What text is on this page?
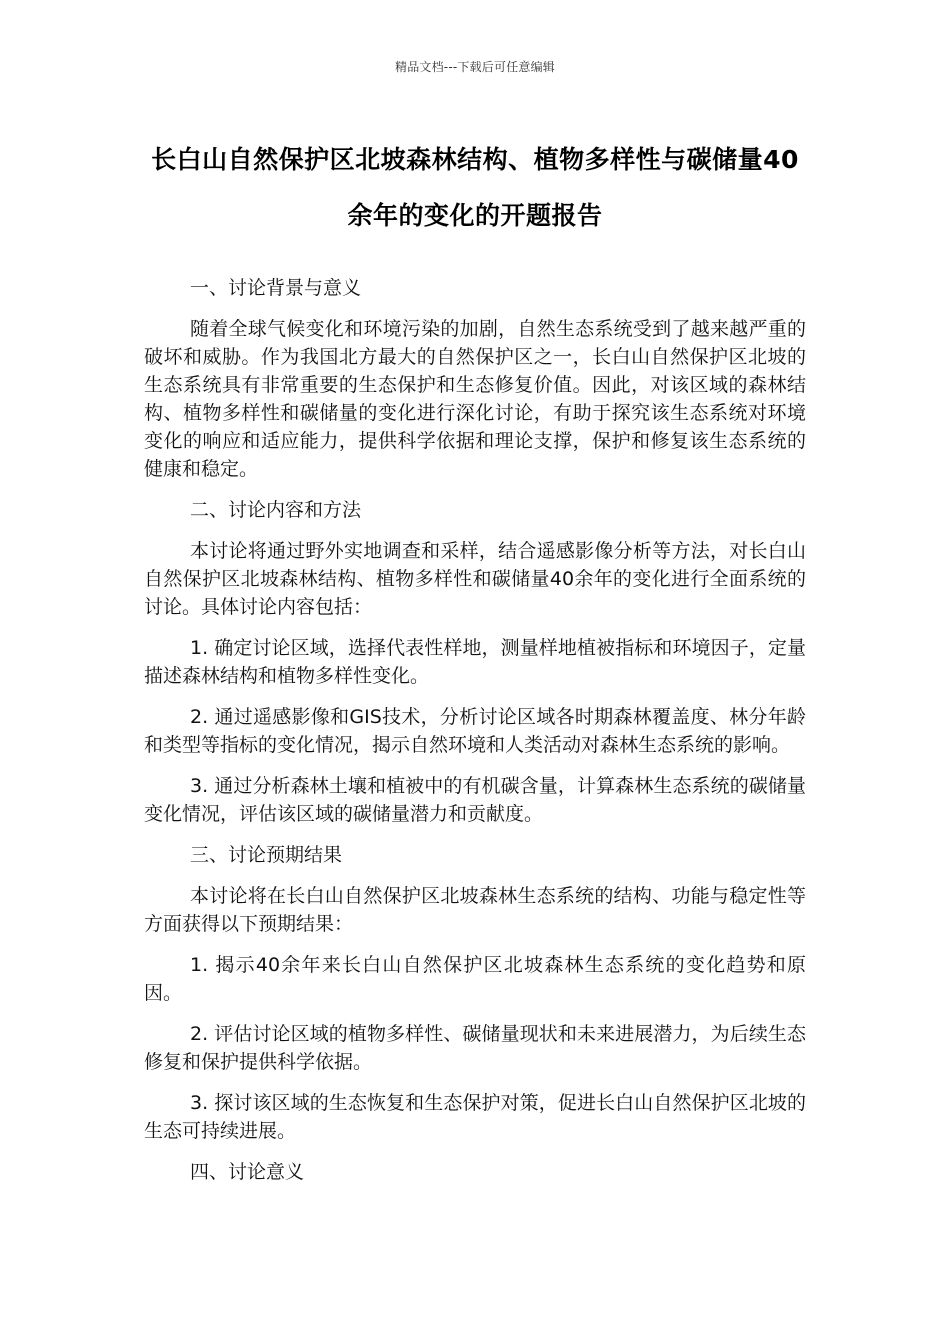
精品文档---下载后可任意编辑
长白山自然保护区北坡森林结构、植物多样性与碳储量40余年的变化的开题报告
一、讨论背景与意义
随着全球气候变化和环境污染的加剧，自然生态系统受到了越来越严重的破坏和威胁。作为我国北方最大的自然保护区之一，长白山自然保护区北坡的生态系统具有非常重要的生态保护和生态修复价值。因此，对该区域的森林结构、植物多样性和碳储量的变化进行深化讨论，有助于探究该生态系统对环境变化的响应和适应能力，提供科学依据和理论支撑，保护和修复该生态系统的健康和稳定。
二、讨论内容和方法
本讨论将通过野外实地调查和采样，结合遥感影像分析等方法，对长白山自然保护区北坡森林结构、植物多样性和碳储量40余年的变化进行全面系统的讨论。具体讨论内容包括：
1. 确定讨论区域，选择代表性样地，测量样地植被指标和环境因子，定量描述森林结构和植物多样性变化。
2. 通过遥感影像和GIS技术，分析讨论区域各时期森林覆盖度、林分年龄和类型等指标的变化情况，揭示自然环境和人类活动对森林生态系统的影响。
3. 通过分析森林土壤和植被中的有机碳含量，计算森林生态系统的碳储量变化情况，评估该区域的碳储量潜力和贡献度。
三、讨论预期结果
本讨论将在长白山自然保护区北坡森林生态系统的结构、功能与稳定性等方面获得以下预期结果：
1. 揭示40余年来长白山自然保护区北坡森林生态系统的变化趋势和原因。
2. 评估讨论区域的植物多样性、碳储量现状和未来进展潜力，为后续生态修复和保护提供科学依据。
3. 探讨该区域的生态恢复和生态保护对策，促进长白山自然保护区北坡的生态可持续进展。
四、讨论意义
